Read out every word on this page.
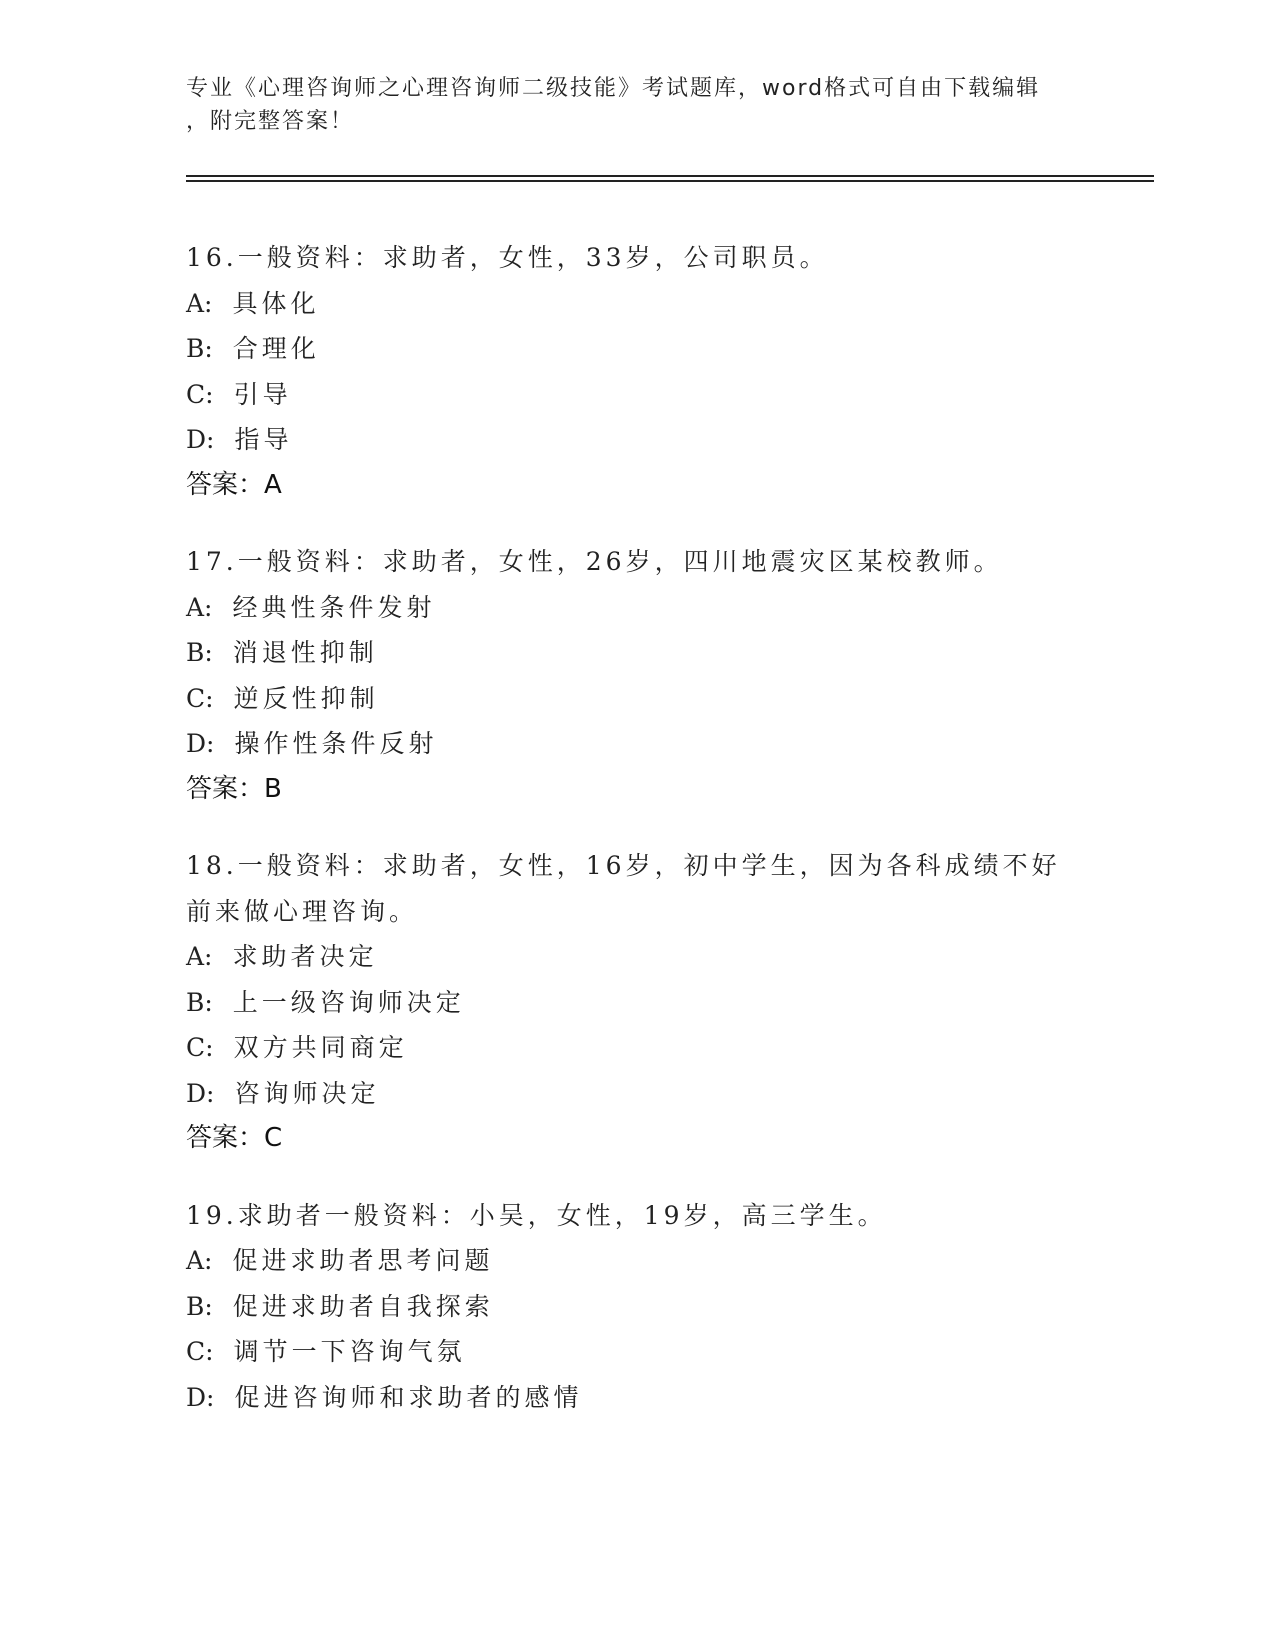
专业《心理咨询师之心理咨询师二级技能》考试题库，word格式可自由下载编辑
，附完整答案！
16.一般资料：求助者，女性，33岁，公司职员。
A: 具体化
B: 合理化
C: 引导
D: 指导
答案：A
17.一般资料：求助者，女性，26岁，四川地震灾区某校教师。
A: 经典性条件发射
B: 消退性抑制
C: 逆反性抑制
D: 操作性条件反射
答案：B
18.一般资料：求助者，女性，16岁，初中学生，因为各科成绩不好前来做心理咨询。
A: 求助者决定
B: 上一级咨询师决定
C: 双方共同商定
D: 咨询师决定
答案：C
19.求助者一般资料：小吴，女性，19岁，高三学生。
A: 促进求助者思考问题
B: 促进求助者自我探索
C: 调节一下咨询气氛
D: 促进咨询师和求助者的感情
